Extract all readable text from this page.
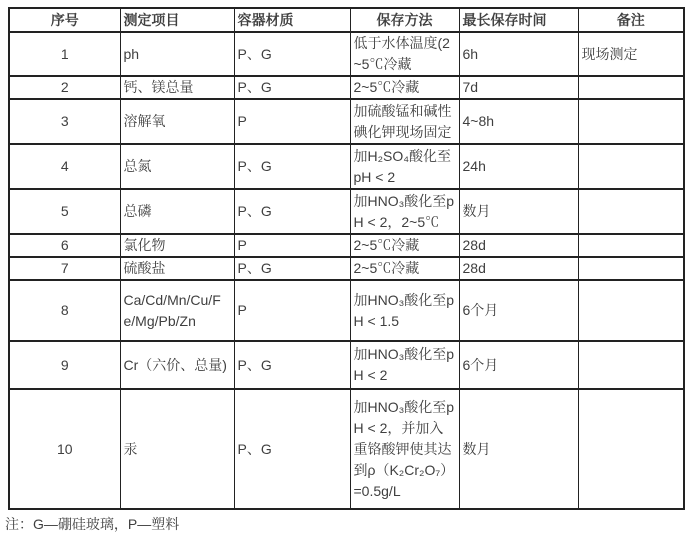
序号	测定项目	容器材质	保存方法	最长保存时间	备注
1	ph	P、G	低于水体温度(2~5℃冷藏	6h	现场测定
2	钙、镁总量	P、G	2~5℃冷藏	7d	
3	溶解氧	P	加硫酸锰和碱性碘化钾现场固定	4~8h	
4	总氮	P、G	加H₂SO₄酸化至pH < 2	24h	
5	总磷	P、G	加HNO₃酸化至pH < 2，2~5℃	数月	
6	氯化物	P	2~5℃冷藏	28d	
7	硫酸盐	P、G	2~5℃冷藏	28d	
8	Ca/Cd/Mn/Cu/Fe/Mg/Pb/Zn	P	加HNO₃酸化至pH < 1.5	6个月	
9	Cr（六价、总量)	P、G	加HNO₃酸化至pH < 2	6个月	
10	汞	P、G	加HNO₃酸化至pH < 2，并加入重铬酸钾使其达到ρ（K₂Cr₂O₇）=0.5g/L	数月	
注：G—硼硅玻璃，P—塑料
